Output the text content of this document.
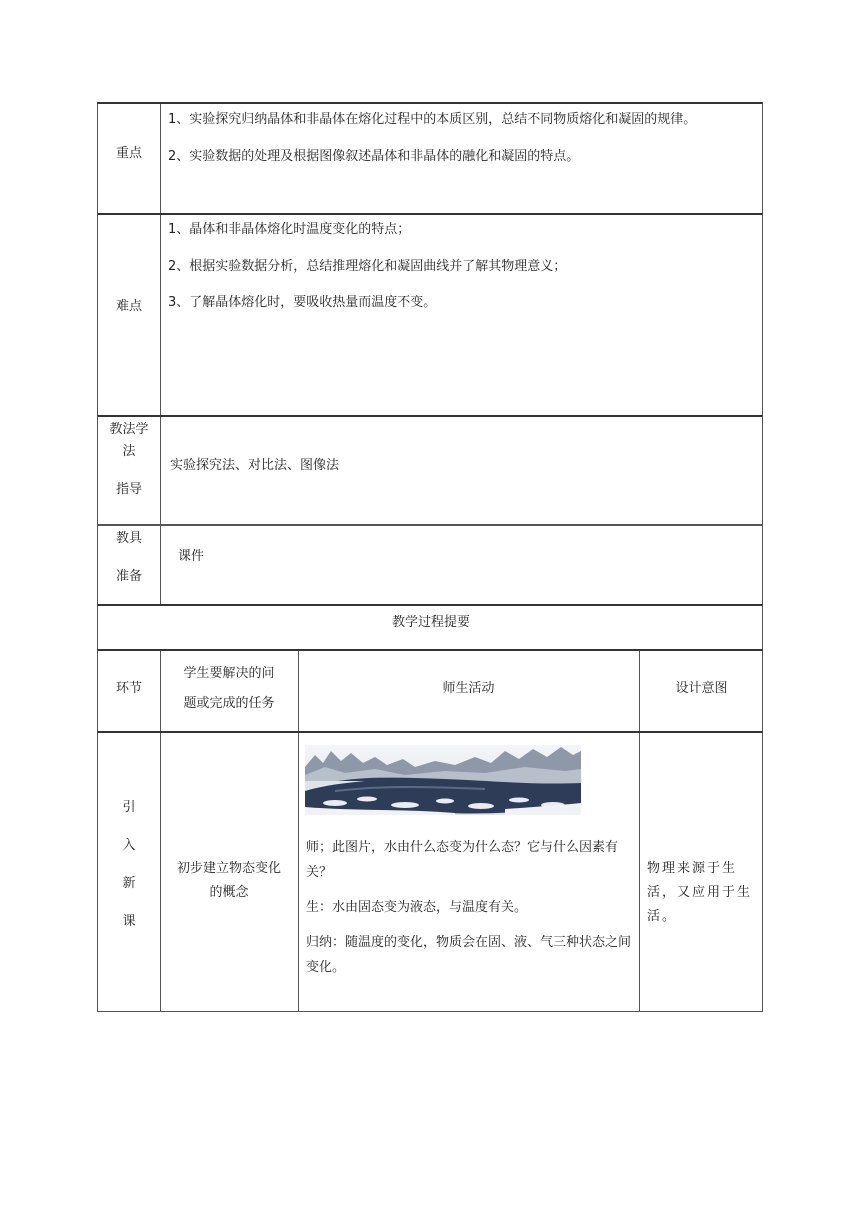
重点

1、实验探究归纳晶体和非晶体在熔化过程中的本质区别，总结不同物质熔化和凝固的规律。

2、实验数据的处理及根据图像叙述晶体和非晶体的融化和凝固的特点。

难点

1、晶体和非晶体熔化时温度变化的特点；

2、根据实验数据分析，总结推理熔化和凝固曲线并了解其物理意义；

3、了解晶体熔化时，要吸收热量而温度不变。

教法学
法
指导
实验探究法、对比法、图像法
教具
准备
课件
教学过程提要
环节
学生要解决的问
题或完成的任务
师生活动	设计意图
引
入
新
课
初步建立物态变化
的概念

师；此图片，水由什么态变为什么态？它与什么因素有关？

生：水由固态变为液态，与温度有关。

归纳：随温度的变化，物质会在固、液、气三种状态之间变化。

物理来源于生活，又应用于生活。
